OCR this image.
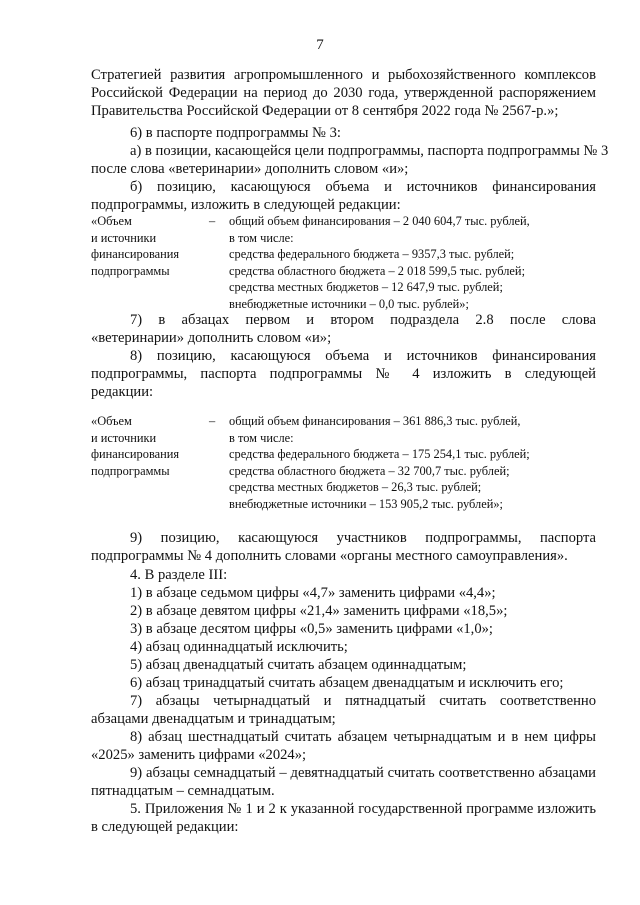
7
Стратегией развития агропромышленного и рыбохозяйственного комплексов
Российской Федерации на период до 2030 года, утвержденной распоряжением
Правительства Российской Федерации от 8 сентября 2022 года № 2567-р.»;
6) в паспорте подпрограммы № 3:
а) в позиции, касающейся цели подпрограммы, паспорта подпрограммы № 3
после слова «ветеринарии» дополнить словом «и»;
б) позицию, касающуюся объема и источников финансирования
подпрограммы, изложить в следующей редакции:
«Объем
и источники
финансирования
подпрограммы
– общий объем финансирования – 2 040 604,7 тыс. рублей,
в том числе:
средства федерального бюджета – 9357,3 тыс. рублей;
средства областного бюджета – 2 018 599,5 тыс. рублей;
средства местных бюджетов – 12 647,9 тыс. рублей;
внебюджетные источники – 0,0 тыс. рублей»;
7) в абзацах первом и втором подраздела 2.8 после слова
«ветеринарии» дополнить словом «и»;
8) позицию, касающуюся объема и источников финансирования
подпрограммы, паспорта подпрограммы № 4 изложить в следующей
редакции:
«Объем
и источники
финансирования
подпрограммы
– общий объем финансирования – 361 886,3 тыс. рублей,
в том числе:
средства федерального бюджета – 175 254,1 тыс. рублей;
средства областного бюджета – 32 700,7 тыс. рублей;
средства местных бюджетов – 26,3 тыс. рублей;
внебюджетные источники – 153 905,2 тыс. рублей»;
9) позицию, касающуюся участников подпрограммы, паспорта
подпрограммы № 4 дополнить словами «органы местного самоуправления».
4. В разделе III:
1) в абзаце седьмом цифры «4,7» заменить цифрами «4,4»;
2) в абзаце девятом цифры «21,4» заменить цифрами «18,5»;
3) в абзаце десятом цифры «0,5» заменить цифрами «1,0»;
4) абзац одиннадцатый исключить;
5) абзац двенадцатый считать абзацем одиннадцатым;
6) абзац тринадцатый считать абзацем двенадцатым и исключить его;
7) абзацы четырнадцатый и пятнадцатый считать соответственно
абзацами двенадцатым и тринадцатым;
8) абзац шестнадцатый считать абзацем четырнадцатым и в нем цифры
«2025» заменить цифрами «2024»;
9) абзацы семнадцатый – девятнадцатый считать соответственно абзацами
пятнадцатым – семнадцатым.
5. Приложения № 1 и 2 к указанной государственной программе изложить
в следующей редакции:
